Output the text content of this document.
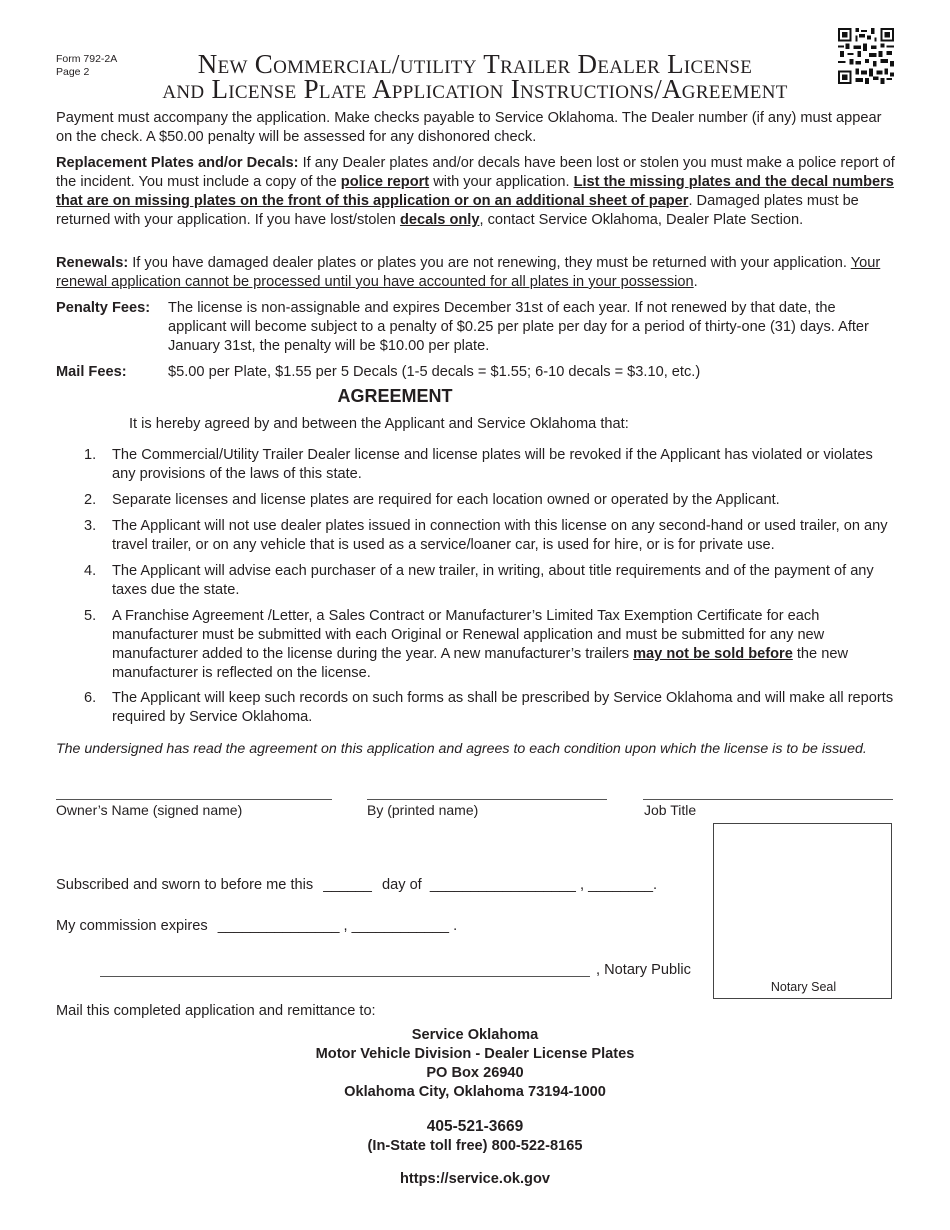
Form 792-2A
Page 2	New Commercial/utility Trailer Dealer License
and License Plate Application Instructions/Agreement
Payment must accompany the application. Make checks payable to Service Oklahoma. The Dealer number (if any) must appear on the check. A $50.00 penalty will be assessed for any dishonored check.
Replacement Plates and/or Decals: If any Dealer plates and/or decals have been lost or stolen you must make a police report of the incident. You must include a copy of the police report with your application. List the missing plates and the decal numbers that are on missing plates on the front of this application or on an additional sheet of paper. Damaged plates must be returned with your application. If you have lost/stolen decals only, contact Service Oklahoma, Dealer Plate Section.
Renewals: If you have damaged dealer plates or plates you are not renewing, they must be returned with your application. Your renewal application cannot be processed until you have accounted for all plates in your possession.
Penalty Fees: The license is non-assignable and expires December 31st of each year. If not renewed by that date, the applicant will become subject to a penalty of $0.25 per plate per day for a period of thirty-one (31) days. After January 31st, the penalty will be $10.00 per plate.
Mail Fees:	$5.00 per Plate, $1.55 per 5 Decals (1-5 decals = $1.55; 6-10 decals = $3.10, etc.)
AGREEMENT
It is hereby agreed by and between the Applicant and Service Oklahoma that:
1. The Commercial/Utility Trailer Dealer license and license plates will be revoked if the Applicant has violated or violates any provisions of the laws of this state.
2. Separate licenses and license plates are required for each location owned or operated by the Applicant.
3. The Applicant will not use dealer plates issued in connection with this license on any second-hand or used trailer, on any travel trailer, or on any vehicle that is used as a service/loaner car, is used for hire, or is for private use.
4. The Applicant will advise each purchaser of a new trailer, in writing, about title requirements and of the payment of any taxes due the state.
5. A Franchise Agreement /Letter, a Sales Contract or Manufacturer’s Limited Tax Exemption Certificate for each manufacturer must be submitted with each Original or Renewal application and must be submitted for any new manufacturer added to the license during the year. A new manufacturer’s trailers may not be sold before the new manufacturer is reflected on the license.
6. The Applicant will keep such records on such forms as shall be prescribed by Service Oklahoma and will make all reports required by Service Oklahoma.
The undersigned has read the agreement on this application and agrees to each condition upon which the license is to be issued.
Owner’s Name (signed name)	By (printed name)	Job Title
Notary Seal
Subscribed and sworn to before me this ______ day of __________________ , ________.
My commission expires _______________ , ____________ .
, Notary Public
Mail this completed application and remittance to:
Service Oklahoma
Motor Vehicle Division - Dealer License Plates
PO Box 26940
Oklahoma City, Oklahoma 73194-1000
405-521-3669
(In-State toll free) 800-522-8165
https://service.ok.gov
